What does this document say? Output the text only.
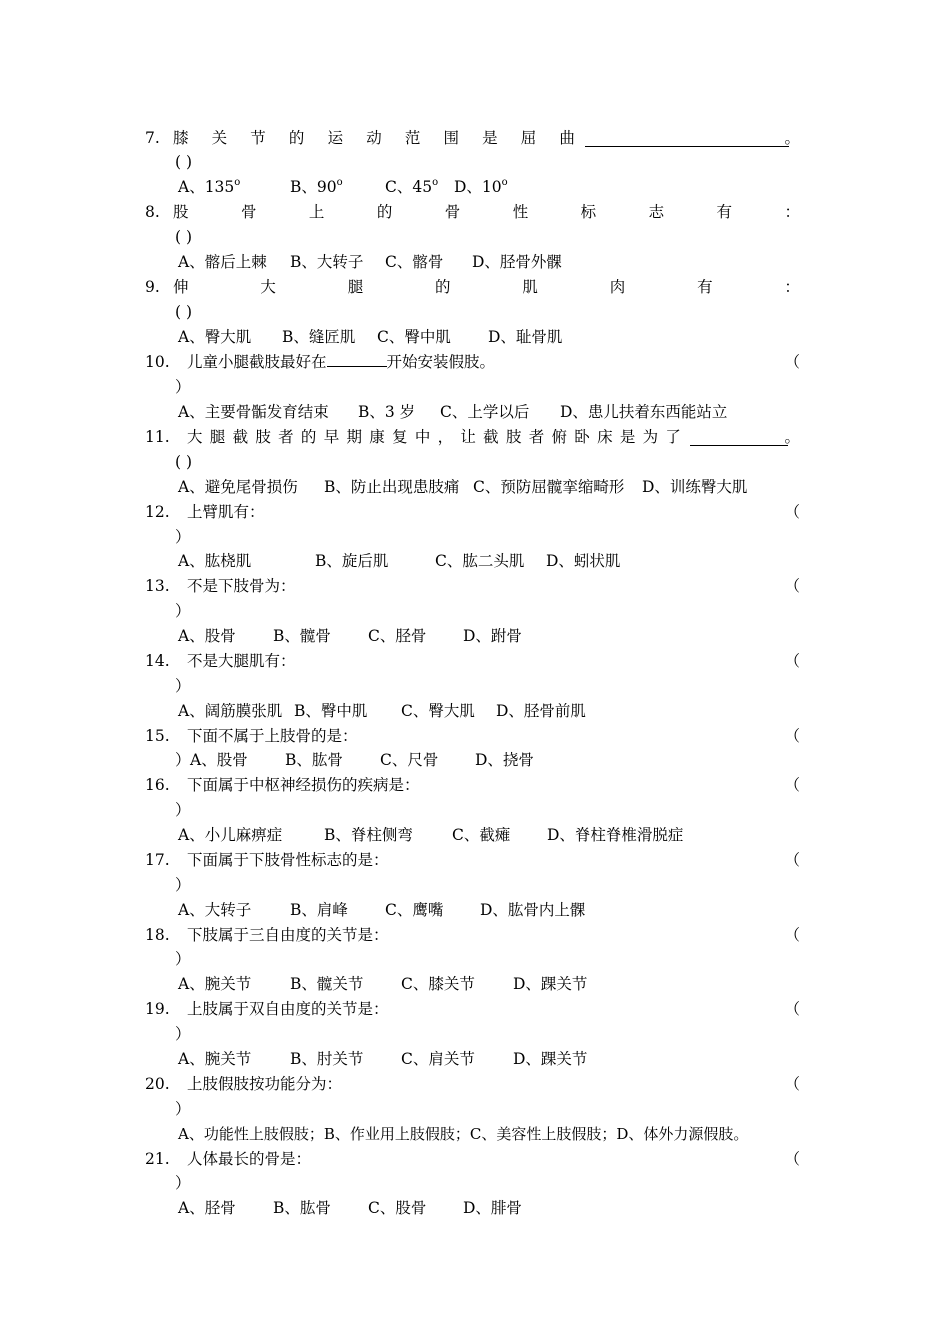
7. 膝 关 节 的 运 动 范 围 是 屈 曲	。
( )
A、135$^o$	B、90$^o$	C、45$^o$ D、10$^o$
8. 股	骨	上	的	骨	性	标	志	有	：
( )
A、髂后上棘 B、大转子 C、髂骨 D、胫骨外髁
9. 伸	大	腿	的	肌	肉	有	：
( )
A、臀大肌 B、缝匠肌 C、臀中肌 D、耻骨肌
10. 儿童小腿截肢最好在	开始安装假肢。	（
）
A、主要骨骺发育结束 B、3 岁 C、上学以后 D、患儿扶着东西能站立
11. 大 腿 截 肢 者 的 早 期 康 复 中 ， 让 截 肢 者 俯 卧 床 是 为 了	。
( )
A、避免尾骨损伤 B、防止出现患肢痛 C、预防屈髋挛缩畸形 D、训练臀大肌
12. 上臂肌有：	（
）
A、肱桡肌	B、旋后肌	C、肱二头肌 D、蚓状肌
13. 不是下肢骨为：	（
）
A、股骨 B、髋骨 C、胫骨 D、跗骨
14. 不是大腿肌有：	（
）
A、阔筋膜张肌 B、臀中肌 C、臀大肌 D、胫骨前肌
15. 下面不属于上肢骨的是：	（
） A、股骨 B、肱骨 C、尺骨 D、挠骨
16. 下面属于中枢神经损伤的疾病是：	（
）
A、小儿麻痹症	B、脊柱侧弯	C、截瘫 D、脊柱脊椎滑脱症
17. 下面属于下肢骨性标志的是：	（
）
A、大转子	B、肩峰 C、鹰嘴 D、肱骨内上髁
18. 下肢属于三自由度的关节是：	（
）
A、腕关节	B、髋关节 C、膝关节 D、踝关节
19. 上肢属于双自由度的关节是：	（
）
A、腕关节	B、肘关节 C、肩关节 D、踝关节
20. 上肢假肢按功能分为：	（
）
A、功能性上肢假肢；B、作业用上肢假肢；C、美容性上肢假肢；D、体外力源假肢。
21. 人体最长的骨是：	（
）
A、胫骨 B、肱骨 C、股骨 D、腓骨
